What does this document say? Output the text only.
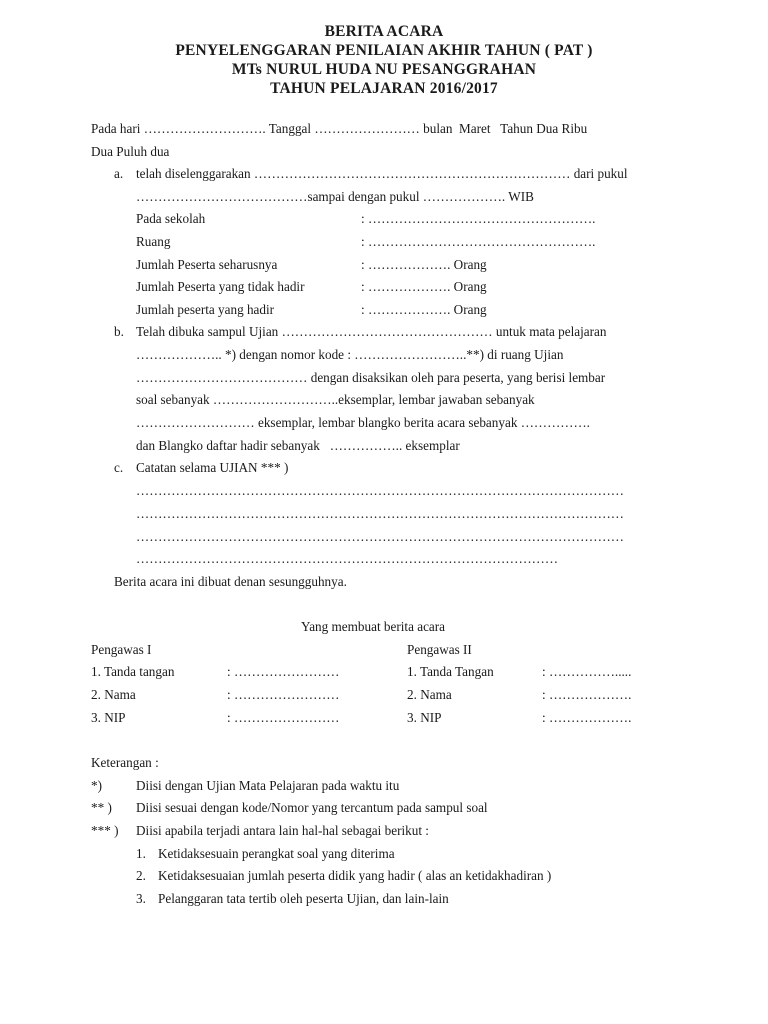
BERITA ACARA
PENYELENGGARAN PENILAIAN AKHIR TAHUN ( PAT )
MTs NURUL HUDA NU PESANGGRAHAN
TAHUN PELAJARAN 2016/2017
Pada hari ………………………. Tanggal …………………… bulan  Maret   Tahun Dua Ribu
Dua Puluh dua
a. telah diselenggarakan ……………………………………………………………… dari pukul
…………………………………sampai dengan pukul ………………. WIB
Pada sekolah	: …………………………………………….
Ruang	: …………………………………………….
Jumlah Peserta seharusnya	: ………………. Orang
Jumlah Peserta yang tidak hadir	: ………………. Orang
Jumlah peserta yang hadir	: ………………. Orang
b. Telah dibuka sampul Ujian ………………………………………… untuk mata pelajaran
……………….. *) dengan nomor kode : ……………………..**) di ruang Ujian
………………………………… dengan disaksikan oleh para peserta, yang berisi lembar
soal sebanyak ………………………..eksemplar, lembar jawaban sebanyak
……………………… eksemplar, lembar blangko berita acara sebanyak …………….
dan Blangko daftar hadir sebanyak   …………….. eksemplar
c. Catatan selama UJIAN *** )
…………………………………………………………………………………………………
…………………………………………………………………………………………………
…………………………………………………………………………………………………
……………………………………………………………………………………
Berita acara ini dibuat denan sesungguhnya.
Yang membuat berita acara
Pengawas I
1. Tanda tangan	: ……………………
2. Nama	: ……………………
3. NIP	: ……………………
Pengawas II
1. Tanda Tangan	: …………….....
2. Nama	: ……………….
3. NIP	: ……………….
Keterangan :
*)	Diisi dengan Ujian Mata Pelajaran pada waktu itu
** ) Diisi sesuai dengan kode/Nomor yang tercantum pada sampul soal
*** ) Diisi apabila terjadi antara lain hal-hal sebagai berikut :
1. Ketidaksesuain perangkat soal yang diterima
2. Ketidaksesuaian jumlah peserta didik yang hadir ( alas an ketidakhadiran )
3. Pelanggaran tata tertib oleh peserta Ujian, dan lain-lain
